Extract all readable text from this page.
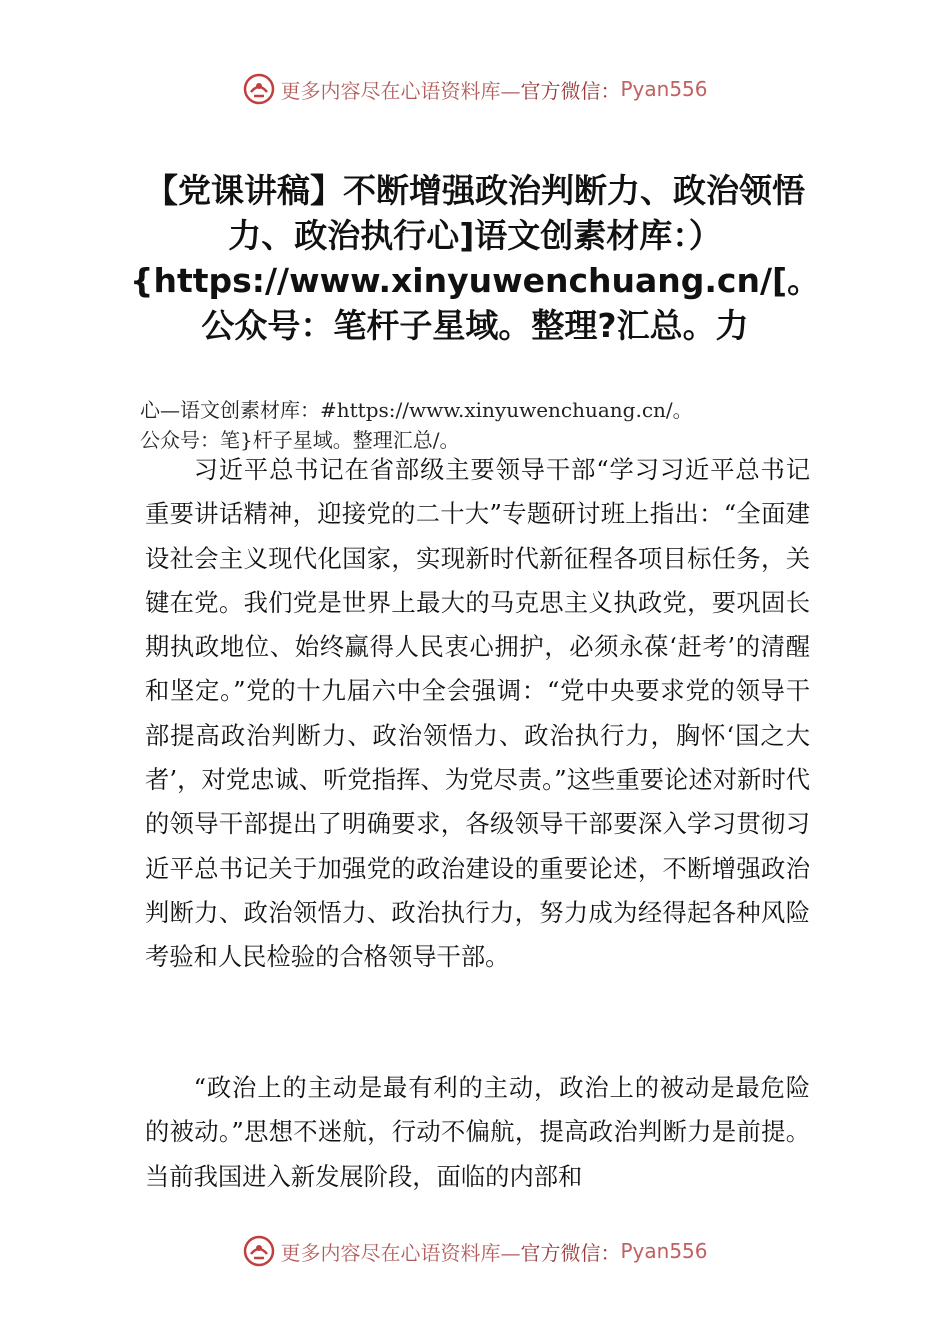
更多内容尽在心语资料库— 官方微信： Pyan556
【党课讲稿】不断增强政治判断力、政治领悟力、政治执行心]语文创素材库：）{https://www.xinyuwenchuang.cn/[。公众号：笔杆子星域。整理?汇总。力
心—语文创素材库：#https://www.xinyuwenchuang.cn/。
公众号：笔}杆子星域。整理汇总/。

习近平总书记在省部级主要领导干部“学习习近平总书记重要讲话精神，迎接党的二十大”专题研讨班上指出：“全面建设社会主义现代化国家，实现新时代新征程各项目标任务，关键在党。我们党是世界上最大的马克思主义执政党，要巩固长期执政地位、始终赢得人民衷心拥护，必须永葆‘赶考’的清醒和坚定。”党的十九届六中全会强调：“党中央要求党的领导干部提高政治判断力、政治领悟力、政治执行力，胸怀‘国之大者’，对党忠诚、听党指挥、为党尽责。”这些重要论述对新时代的领导干部提出了明确要求，各级领导干部要深入学习贯彻习近平总书记关于加强党的政治建设的重要论述，不断增强政治判断力、政治领悟力、政治执行力，努力成为经得起各种风险考验和人民检验的合格领导干部。

“政治上的主动是最有利的主动，政治上的被动是最危险的被动。”思想不迷航，行动不偏航，提高政治判断力是前提。当前我国进入新发展阶段，面临的内部和

更多内容尽在心语资料库— 官方微信： Pyan556
